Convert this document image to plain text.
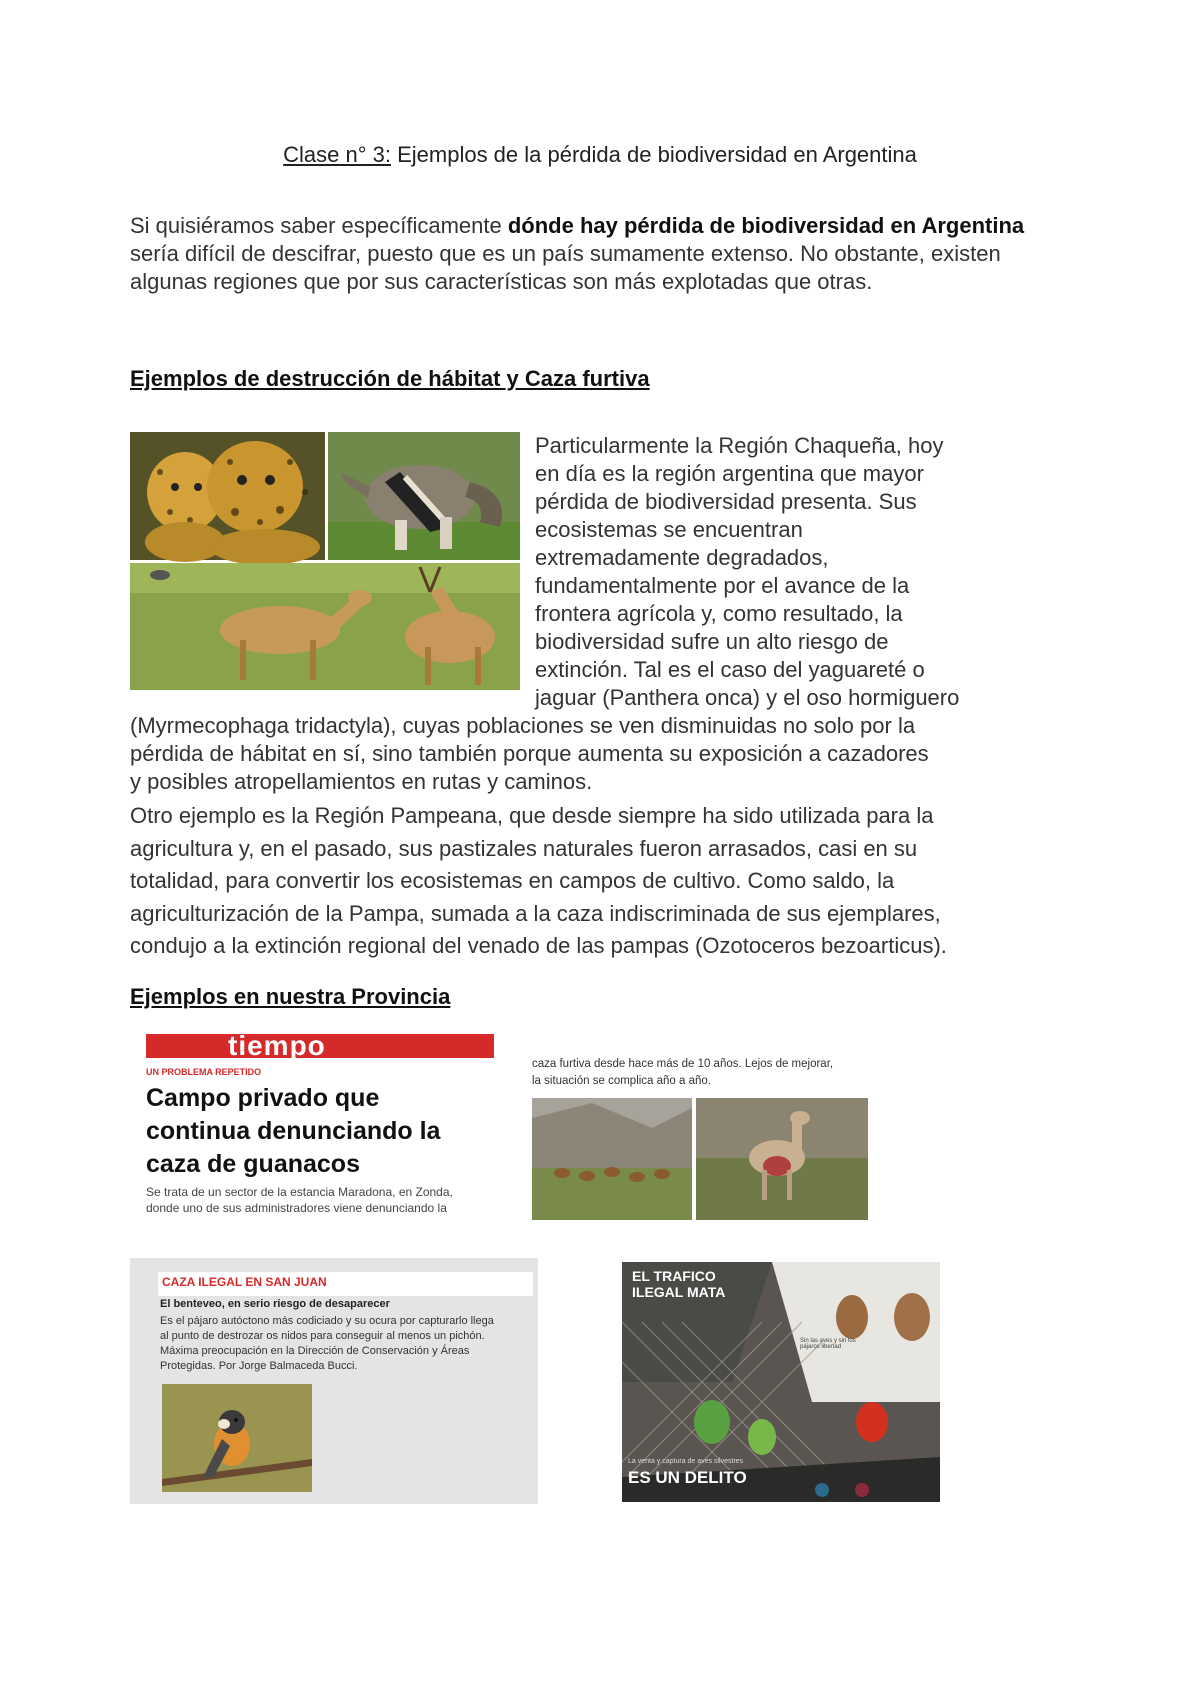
Clase n° 3: Ejemplos de la pérdida de biodiversidad en Argentina
Si quisiéramos saber específicamente dónde hay pérdida de biodiversidad en Argentina sería difícil de descifrar, puesto que es un país sumamente extenso. No obstante, existen algunas regiones que por sus características son más explotadas que otras.
Ejemplos de destrucción de hábitat y Caza furtiva
Particularmente la Región Chaqueña, hoy
en día es la región argentina que mayor
pérdida de biodiversidad presenta. Sus
ecosistemas se encuentran
extremadamente degradados,
fundamentalmente por el avance de la
frontera agrícola y, como resultado, la
biodiversidad sufre un alto riesgo de
extinción. Tal es el caso del yaguareté o
jaguar (Panthera onca) y el oso hormiguero
(Myrmecophaga tridactyla), cuyas poblaciones se ven disminuidas no solo por la
pérdida de hábitat en sí, sino también porque aumenta su exposición a cazadores
y posibles atropellamientos en rutas y caminos.
Otro ejemplo es la Región Pampeana, que desde siempre ha sido utilizada para la
agricultura y, en el pasado, sus pastizales naturales fueron arrasados, casi en su
totalidad, para convertir los ecosistemas en campos de cultivo. Como saldo, la
agriculturización de la Pampa, sumada a la caza indiscriminada de sus ejemplares,
condujo a la extinción regional del venado de las pampas (Ozotoceros bezoarticus).
Ejemplos en nuestra Provincia
tiempo
UN PROBLEMA REPETIDO
Campo privado que
continua denunciando la
caza de guanacos
Se trata de un sector de la estancia Maradona, en Zonda,
donde uno de sus administradores viene denunciando la
caza furtiva desde hace más de 10 años. Lejos de mejorar,
la situación se complica año a año.
CAZA ILEGAL EN SAN JUAN
El benteveo, en serio riesgo de desaparecer
Es el pájaro autóctono más codiciado y su ocura por capturarlo llega
al punto de destrozar os nidos para conseguir al menos un pichón.
Máxima preocupación en la Dirección de Conservación y Áreas
Protegidas. Por Jorge Balmaceda Bucci.
EL TRAFICO
ILEGAL MATA
Sin las aves y sin los pájaros libertad
La venta y captura de aves silvestres
ES UN DELITO
